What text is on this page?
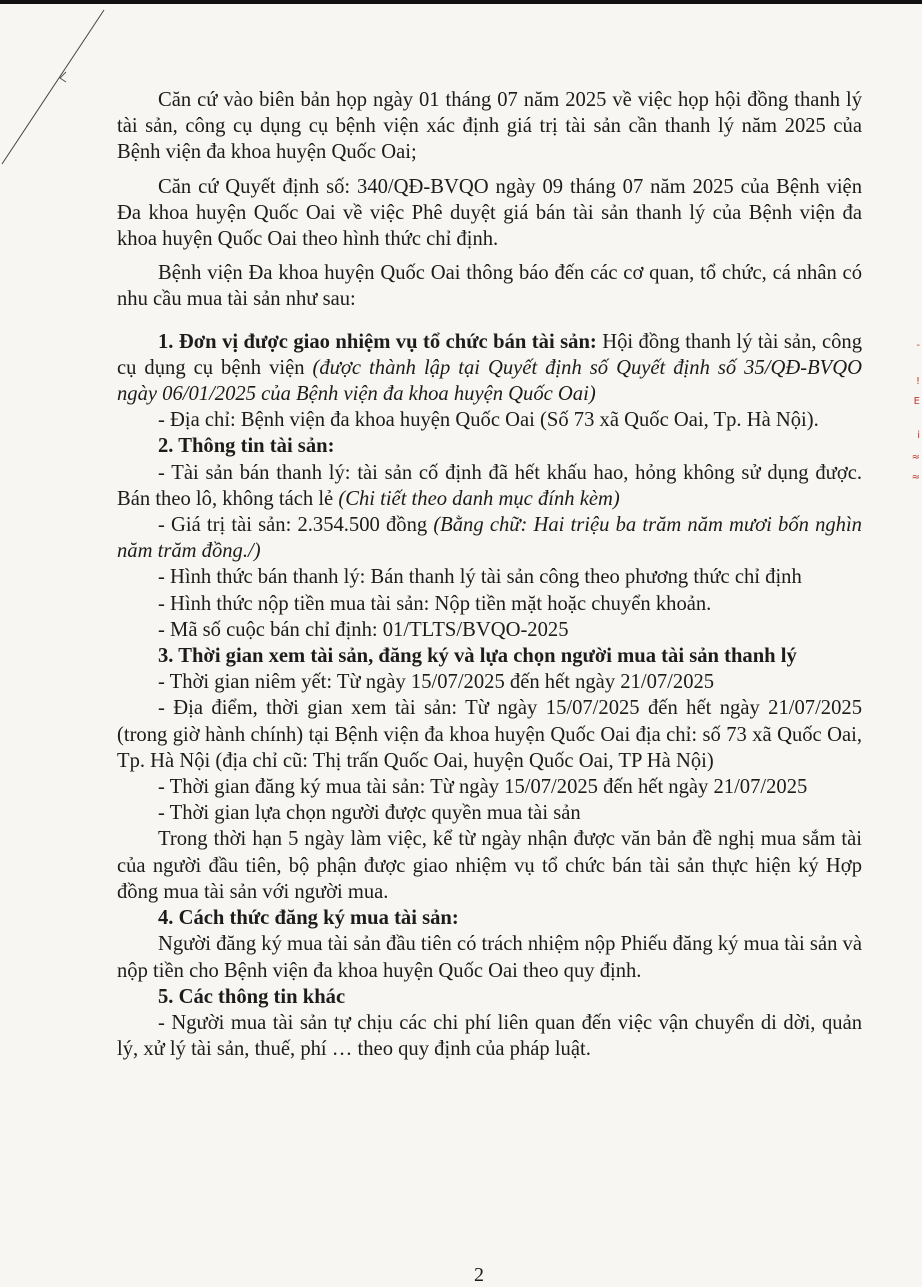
-
!
E
i
≈
≈

Căn cứ vào biên bản họp ngày 01 tháng 07 năm 2025 về việc họp hội đồng thanh lý tài sản, công cụ dụng cụ bệnh viện xác định giá trị tài sản cần thanh lý năm 2025 của Bệnh viện đa khoa huyện Quốc Oai;

Căn cứ Quyết định số: 340/QĐ-BVQO ngày 09 tháng 07 năm 2025 của Bệnh viện Đa khoa huyện Quốc Oai về việc Phê duyệt giá bán tài sản thanh lý của Bệnh viện đa khoa huyện Quốc Oai theo hình thức chỉ định.

Bệnh viện Đa khoa huyện Quốc Oai thông báo đến các cơ quan, tổ chức, cá nhân có nhu cầu mua tài sản như sau:

1. Đơn vị được giao nhiệm vụ tổ chức bán tài sản: Hội đồng thanh lý tài sản, công cụ dụng cụ bệnh viện (được thành lập tại Quyết định số Quyết định số 35/QĐ-BVQO ngày 06/01/2025 của Bệnh viện đa khoa huyện Quốc Oai)

- Địa chỉ: Bệnh viện đa khoa huyện Quốc Oai (Số 73 xã Quốc Oai, Tp. Hà Nội).

2. Thông tin tài sản:

- Tài sản bán thanh lý: tài sản cố định đã hết khấu hao, hỏng không sử dụng được. Bán theo lô, không tách lẻ (Chi tiết theo danh mục đính kèm)

- Giá trị tài sản: 2.354.500 đồng (Bằng chữ: Hai triệu ba trăm năm mươi bốn nghìn năm trăm đồng./)

- Hình thức bán thanh lý: Bán thanh lý tài sản công theo phương thức chỉ định

- Hình thức nộp tiền mua tài sản: Nộp tiền mặt hoặc chuyển khoản.

- Mã số cuộc bán chỉ định: 01/TLTS/BVQO-2025

3. Thời gian xem tài sản, đăng ký và lựa chọn người mua tài sản thanh lý

- Thời gian niêm yết: Từ ngày 15/07/2025 đến hết ngày 21/07/2025

- Địa điểm, thời gian xem tài sản: Từ ngày 15/07/2025 đến hết ngày 21/07/2025 (trong giờ hành chính) tại Bệnh viện đa khoa huyện Quốc Oai địa chỉ: số 73 xã Quốc Oai, Tp. Hà Nội (địa chỉ cũ: Thị trấn Quốc Oai, huyện Quốc Oai, TP Hà Nội)

- Thời gian đăng ký mua tài sản: Từ ngày 15/07/2025 đến hết ngày 21/07/2025

- Thời gian lựa chọn người được quyền mua tài sản

Trong thời hạn 5 ngày làm việc, kể từ ngày nhận được văn bản đề nghị mua sắm tài của người đầu tiên, bộ phận được giao nhiệm vụ tổ chức bán tài sản thực hiện ký Hợp đồng mua tài sản với người mua.

4. Cách thức đăng ký mua tài sản:

Người đăng ký mua tài sản đầu tiên có trách nhiệm nộp Phiếu đăng ký mua tài sản và nộp tiền cho Bệnh viện đa khoa huyện Quốc Oai theo quy định.

5. Các thông tin khác

- Người mua tài sản tự chịu các chi phí liên quan đến việc vận chuyển di dời, quản lý, xử lý tài sản, thuế, phí … theo quy định của pháp luật.

2
